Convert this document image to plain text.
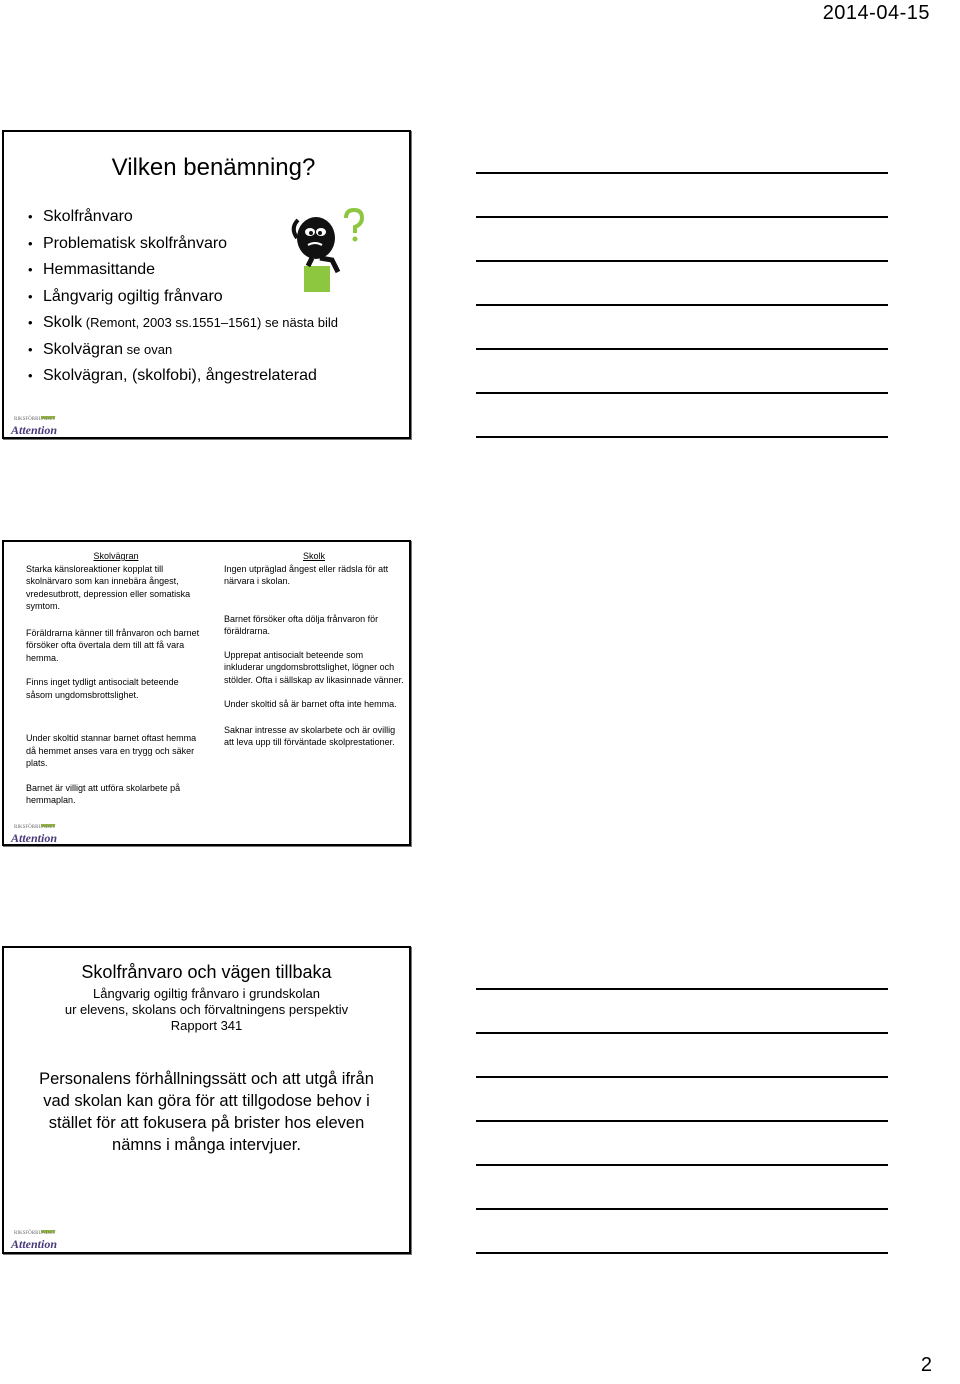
2014-04-15
Vilken benämning?
• Skolfrånvaro
• Problematisk skolfrånvaro
• Hemmasittande
• Långvarig ogiltig frånvaro
• Skolk (Remont, 2003 ss.1551–1561) se nästa bild
• Skolvägran se ovan
• Skolvägran, (skolfobi), ångestrelaterad
RIKSFÖRBUNDET
Attention

Skolvägran

Starka känsloreaktioner kopplat till skolnärvaro som kan innebära ångest, vredesutbrott, depression eller somatiska symtom.

Föräldrarna känner till frånvaron och barnet försöker ofta övertala dem till att få vara hemma.

Finns inget tydligt antisocialt beteende såsom ungdomsbrottslighet.

Under skoltid stannar barnet oftast hemma då hemmet anses vara en trygg och säker plats.

Barnet är villigt att utföra skolarbete på hemmaplan.

Skolk

Ingen utpräglad ångest eller rädsla för att närvara i skolan.

Barnet försöker ofta dölja frånvaron för föräldrarna.

Upprepat antisocialt beteende som inkluderar ungdomsbrottslighet, lögner och stölder. Ofta i sällskap av likasinnade vänner.

Under skoltid så är barnet ofta inte hemma.

Saknar intresse av skolarbete och är ovillig att leva upp till förväntade skolprestationer.

RIKSFÖRBUNDET
Attention
Skolfrånvaro och vägen tillbaka
Långvarig ogiltig frånvaro i grundskolan
ur elevens, skolans och förvaltningens perspektiv
Rapport 341
Personalens förhållningssätt och att utgå ifrån
vad skolan kan göra för att tillgodose behov i
stället för att fokusera på brister hos eleven
nämns i många intervjuer.
RIKSFÖRBUNDET
Attention
2
